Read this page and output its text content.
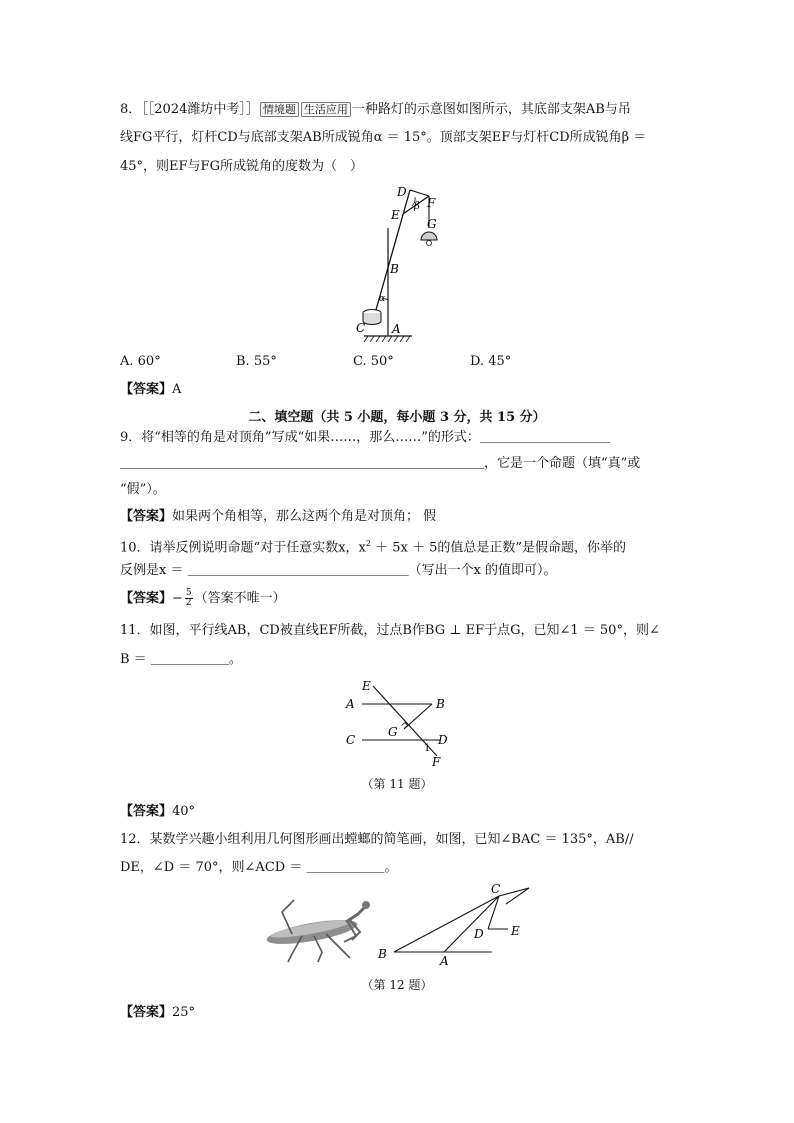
8．［［2024潍坊中考］］ 情境题 生活应用 一种路灯的示意图如图所示，其底部支架AB与吊
线FG平行，灯杆CD与底部支架AB所成锐角α ＝ 15°。顶部支架EF与灯杆CD所成锐角β ＝
45°，则EF与FG所成锐角的度数为（　）
D
E
F
G
B
C A
β
α
A. 60°	B. 55°	C. 50°	D. 45°
【答案】A
二、填空题（共 5 小题，每小题 3 分，共 15 分）
9．将“相等的角是对顶角”写成“如果……，那么……”的形式：＿＿＿＿＿＿＿＿＿＿
＿＿＿＿＿＿＿＿＿＿＿＿＿＿＿＿＿＿＿＿＿＿＿＿＿＿＿＿，它是一个命题（填“真”或
“假”）。
【答案】如果两个角相等，那么这两个角是对顶角； 假
10．请举反例说明命题“对于任意实数x，$x^2 + 5x + 5$的值总是正数”是假命题，你举的
反例是x ＝ ＿＿＿＿＿＿＿＿＿＿＿＿＿＿＿＿＿（写出一个x 的值即可）。
【答案】− $\frac{5}{2}$ （答案不唯一）
11．如图，平行线AB，CD被直线EF所截，过点B作BG ⊥ EF于点G，已知∠1 ＝ 50°，则∠
B ＝ ＿＿＿＿＿＿。
E
A	B
G
C	D
1
F
（第 11 题）
【答案】40°
12．某数学兴趣小组利用几何图形画出螳螂的简笔画，如图，已知∠BAC ＝ 135°，AB//
DE，∠D ＝ 70°，则∠ACD ＝ ＿＿＿＿＿＿。
C
D E
B	A
（第 12 题）
【答案】25°
